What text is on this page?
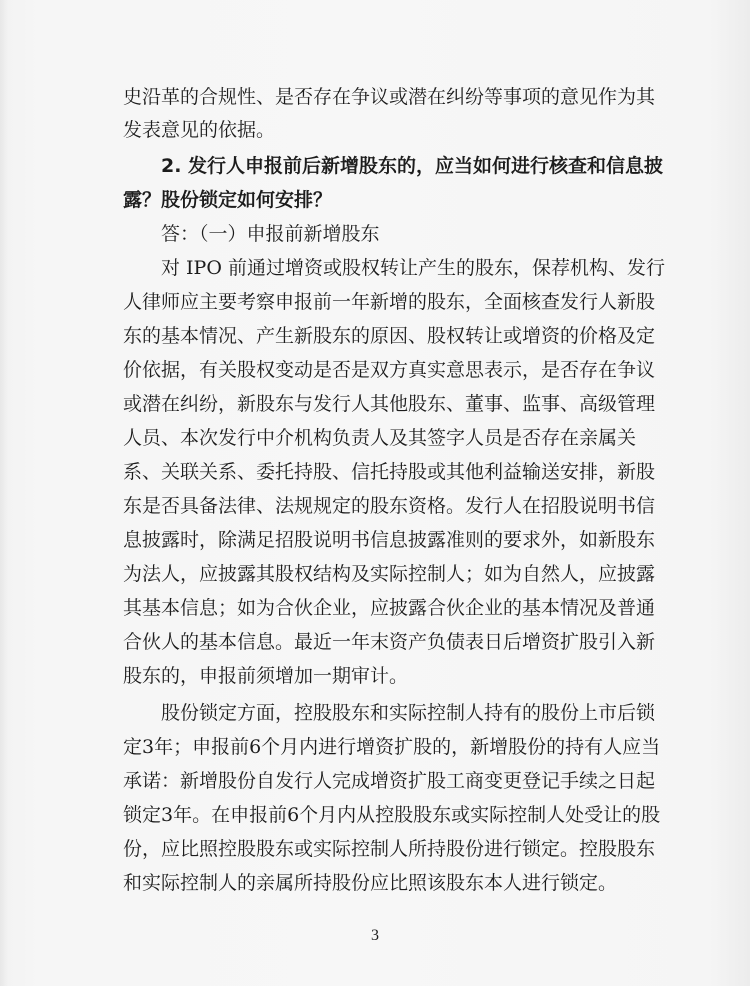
史沿革的合规性、是否存在争议或潜在纠纷等事项的意见作为其
发表意见的依据。
2. 发行人申报前后新增股东的，应当如何进行核查和信息披
露？股份锁定如何安排？
答：（一）申报前新增股东
对 IPO 前通过增资或股权转让产生的股东，保荐机构、发行
人律师应主要考察申报前一年新增的股东，全面核查发行人新股
东的基本情况、产生新股东的原因、股权转让或增资的价格及定
价依据，有关股权变动是否是双方真实意思表示，是否存在争议
或潜在纠纷，新股东与发行人其他股东、董事、监事、高级管理
人员、本次发行中介机构负责人及其签字人员是否存在亲属关
系、关联关系、委托持股、信托持股或其他利益输送安排，新股
东是否具备法律、法规规定的股东资格。发行人在招股说明书信
息披露时，除满足招股说明书信息披露准则的要求外，如新股东
为法人，应披露其股权结构及实际控制人；如为自然人，应披露
其基本信息；如为合伙企业，应披露合伙企业的基本情况及普通
合伙人的基本信息。最近一年末资产负债表日后增资扩股引入新
股东的，申报前须增加一期审计。
股份锁定方面，控股股东和实际控制人持有的股份上市后锁
定3年；申报前6个月内进行增资扩股的，新增股份的持有人应当
承诺：新增股份自发行人完成增资扩股工商变更登记手续之日起
锁定3年。在申报前6个月内从控股股东或实际控制人处受让的股
份，应比照控股股东或实际控制人所持股份进行锁定。控股股东
和实际控制人的亲属所持股份应比照该股东本人进行锁定。
3
